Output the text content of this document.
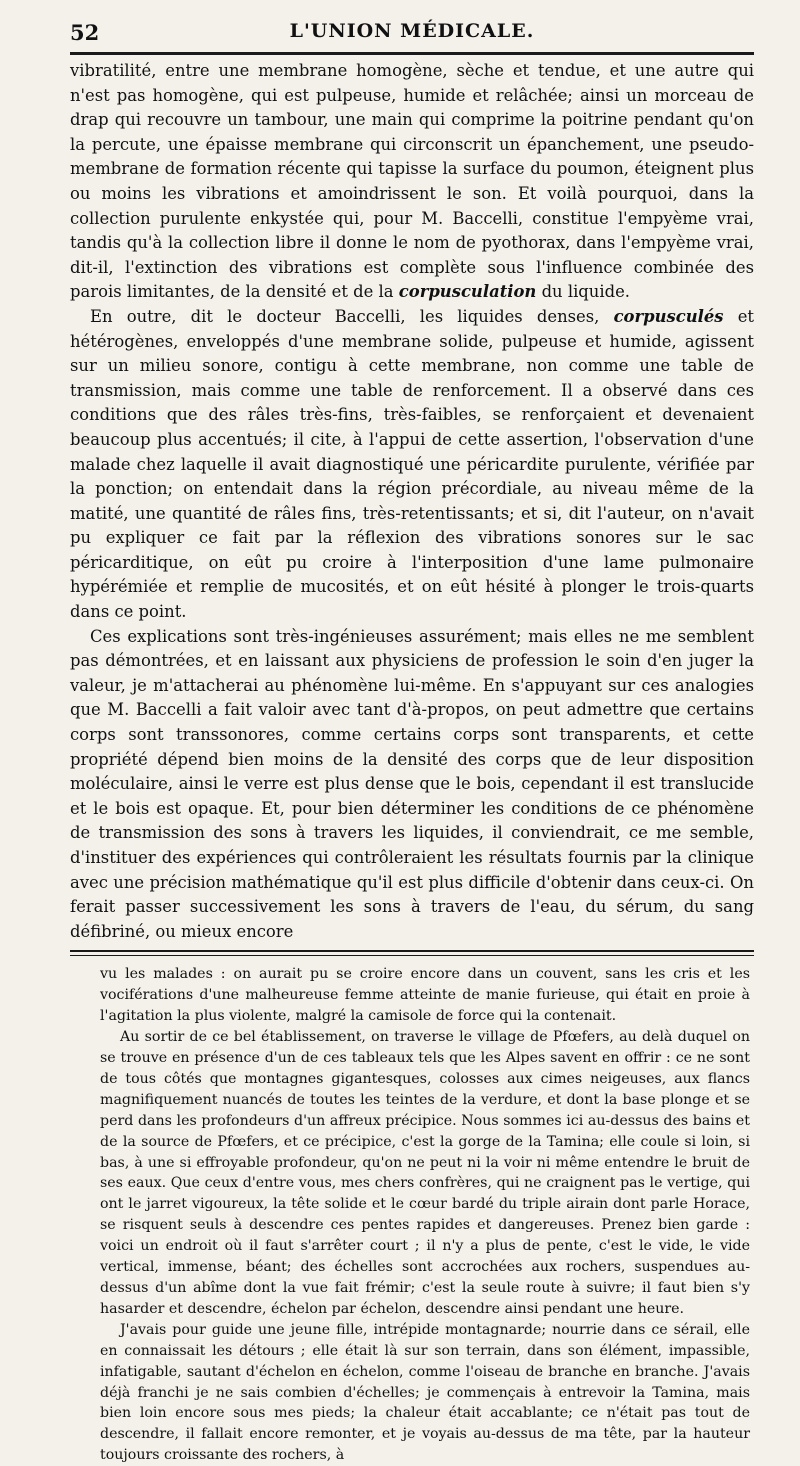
52	L'UNION MÉDICALE.

vibratilité, entre une membrane homogène, sèche et tendue, et une autre qui n'est pas homogène, qui est pulpeuse, humide et relâchée; ainsi un morceau de drap qui recouvre un tambour, une main qui comprime la poitrine pendant qu'on la percute, une épaisse membrane qui circonscrit un épanchement, une pseudo-membrane de formation récente qui tapisse la surface du poumon, éteignent plus ou moins les vibrations et amoindrissent le son. Et voilà pourquoi, dans la collection purulente enkystée qui, pour M. Baccelli, constitue l'empyème vrai, tandis qu'à la collection libre il donne le nom de pyothorax, dans l'empyème vrai, dit-il, l'extinction des vibrations est complète sous l'influence combinée des parois limitantes, de la densité et de la corpusculation du liquide.

En outre, dit le docteur Baccelli, les liquides denses, corpusculés et hétérogènes, enveloppés d'une membrane solide, pulpeuse et humide, agissent sur un milieu sonore, contigu à cette membrane, non comme une table de transmission, mais comme une table de renforcement. Il a observé dans ces conditions que des râles très-fins, très-faibles, se renforçaient et devenaient beaucoup plus accentués; il cite, à l'appui de cette assertion, l'observation d'une malade chez laquelle il avait diagnostiqué une péricardite purulente, vérifiée par la ponction; on entendait dans la région précordiale, au niveau même de la matité, une quantité de râles fins, très-retentissants; et si, dit l'auteur, on n'avait pu expliquer ce fait par la réflexion des vibrations sonores sur le sac péricarditique, on eût pu croire à l'interposition d'une lame pulmonaire hypérémiée et remplie de mucosités, et on eût hésité à plonger le trois-quarts dans ce point.

Ces explications sont très-ingénieuses assurément; mais elles ne me semblent pas démontrées, et en laissant aux physiciens de profession le soin d'en juger la valeur, je m'attacherai au phénomène lui-même. En s'appuyant sur ces analogies que M. Baccelli a fait valoir avec tant d'à-propos, on peut admettre que certains corps sont transsonores, comme certains corps sont transparents, et cette propriété dépend bien moins de la densité des corps que de leur disposition moléculaire, ainsi le verre est plus dense que le bois, cependant il est translucide et le bois est opaque. Et, pour bien déterminer les conditions de ce phénomène de transmission des sons à travers les liquides, il conviendrait, ce me semble, d'instituer des expériences qui contrôleraient les résultats fournis par la clinique avec une précision mathématique qu'il est plus difficile d'obtenir dans ceux-ci. On ferait passer successivement les sons à travers de l'eau, du sérum, du sang défibriné, ou mieux encore

vu les malades : on aurait pu se croire encore dans un couvent, sans les cris et les vociférations d'une malheureuse femme atteinte de manie furieuse, qui était en proie à l'agitation la plus violente, malgré la camisole de force qui la contenait.

Au sortir de ce bel établissement, on traverse le village de Pfœfers, au delà duquel on se trouve en présence d'un de ces tableaux tels que les Alpes savent en offrir : ce ne sont de tous côtés que montagnes gigantesques, colosses aux cimes neigeuses, aux flancs magnifiquement nuancés de toutes les teintes de la verdure, et dont la base plonge et se perd dans les profondeurs d'un affreux précipice. Nous sommes ici au-dessus des bains et de la source de Pfœfers, et ce précipice, c'est la gorge de la Tamina; elle coule si loin, si bas, à une si effroyable profondeur, qu'on ne peut ni la voir ni même entendre le bruit de ses eaux. Que ceux d'entre vous, mes chers confrères, qui ne craignent pas le vertige, qui ont le jarret vigoureux, la tête solide et le cœur bardé du triple airain dont parle Horace, se risquent seuls à descendre ces pentes rapides et dangereuses. Prenez bien garde : voici un endroit où il faut s'arrêter court ; il n'y a plus de pente, c'est le vide, le vide vertical, immense, béant; des échelles sont accrochées aux rochers, suspendues au-dessus d'un abîme dont la vue fait frémir; c'est la seule route à suivre; il faut bien s'y hasarder et descendre, échelon par échelon, descendre ainsi pendant une heure.

J'avais pour guide une jeune fille, intrépide montagnarde; nourrie dans ce sérail, elle en connaissait les détours ; elle était là sur son terrain, dans son élément, impassible, infatigable, sautant d'échelon en échelon, comme l'oiseau de branche en branche. J'avais déjà franchi je ne sais combien d'échelles; je commençais à entrevoir la Tamina, mais bien loin encore sous mes pieds; la chaleur était accablante; ce n'était pas tout de descendre, il fallait encore remonter, et je voyais au-dessus de ma tête, par la hauteur toujours croissante des rochers, à
